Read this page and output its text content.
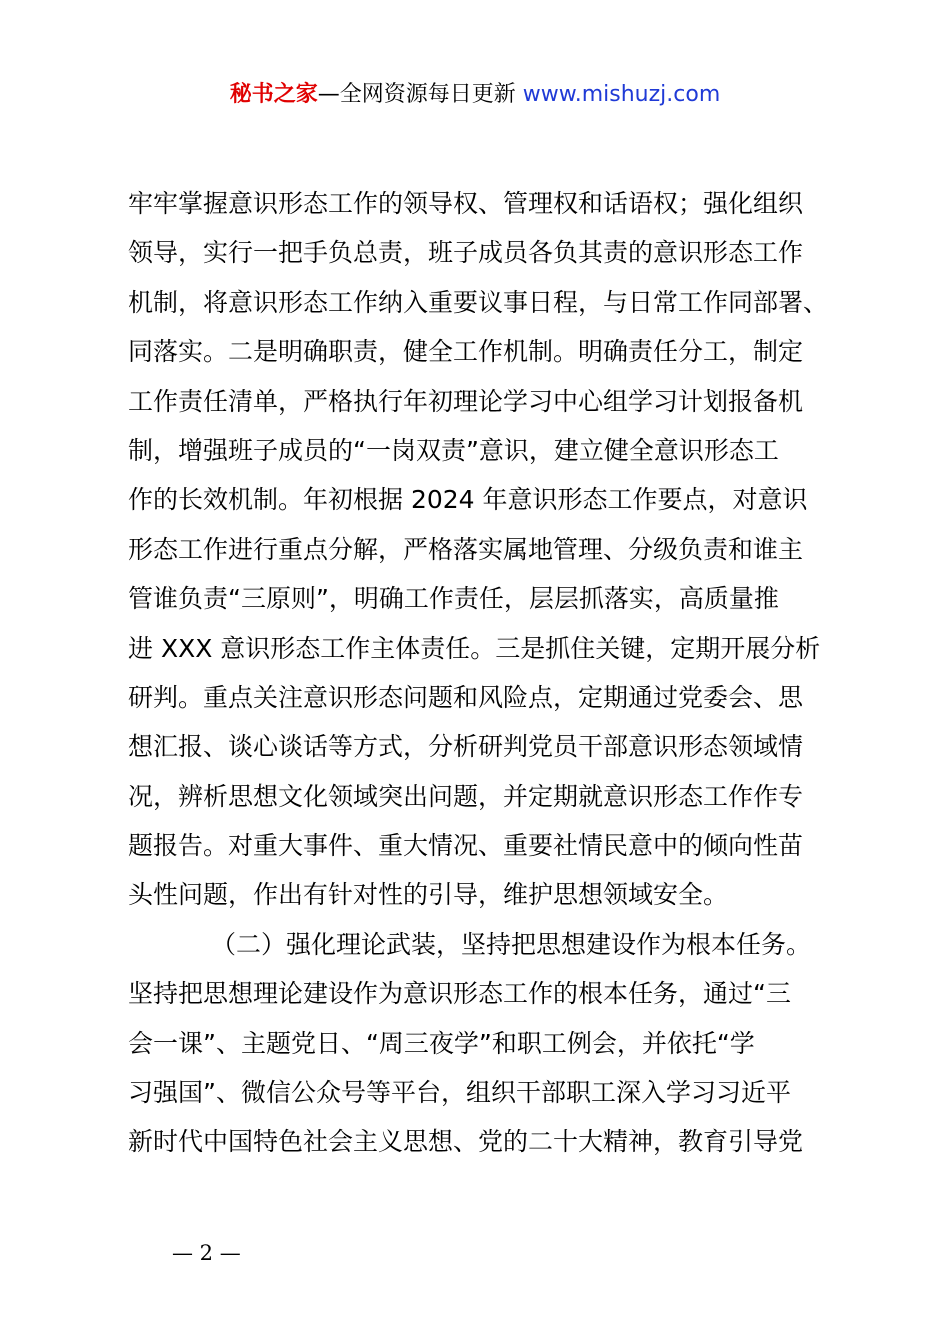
秘书之家—全网资源每日更新 www.mishuzj.com
牢牢掌握意识形态工作的领导权、管理权和话语权；强化组织
领导，实行一把手负总责，班子成员各负其责的意识形态工作
机制，将意识形态工作纳入重要议事日程，与日常工作同部署、
同落实。二是明确职责，健全工作机制。明确责任分工，制定
工作责任清单，严格执行年初理论学习中心组学习计划报备机
制，增强班子成员的“一岗双责”意识，建立健全意识形态工
作的长效机制。年初根据 2024 年意识形态工作要点，对意识
形态工作进行重点分解，严格落实属地管理、分级负责和谁主
管谁负责“三原则”，明确工作责任，层层抓落实，高质量推
进 XXX 意识形态工作主体责任。三是抓住关键，定期开展分析
研判。重点关注意识形态问题和风险点，定期通过党委会、思
想汇报、谈心谈话等方式，分析研判党员干部意识形态领域情
况，辨析思想文化领域突出问题，并定期就意识形态工作作专
题报告。对重大事件、重大情况、重要社情民意中的倾向性苗
头性问题，作出有针对性的引导，维护思想领域安全。
（二）强化理论武装，坚持把思想建设作为根本任务。
坚持把思想理论建设作为意识形态工作的根本任务，通过“三
会一课”、主题党日、“周三夜学”和职工例会，并依托“学
习强国”、微信公众号等平台，组织干部职工深入学习习近平
新时代中国特色社会主义思想、党的二十大精神，教育引导党
— 2 —
